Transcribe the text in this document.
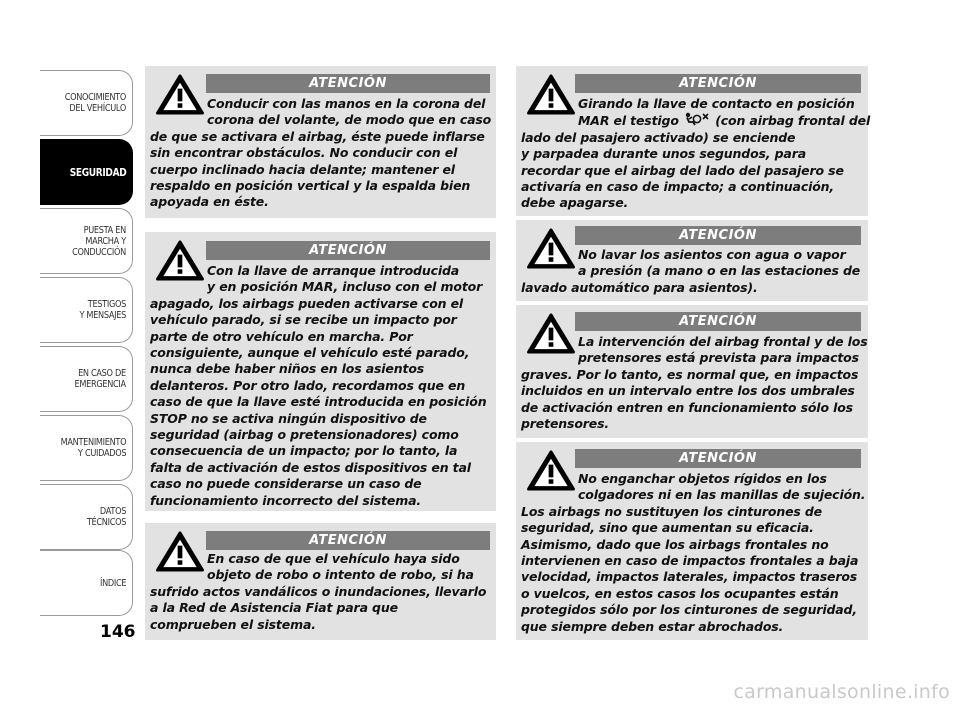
CONOCIMIENTO
DEL VEHÍCULO
SEGURIDAD
PUESTA EN
MARCHA Y
CONDUCCIÓN
TESTIGOS
Y MENSAJES
EN CASO DE
EMERGENCIA
MANTENIMIENTO
Y CUIDADOS
DATOS
TÉCNICOS
ÍNDICE
146
ATENCIÓN
Conducir con las manos en la corona del
corona del volante, de modo que en caso
de que se activara el airbag, éste puede inflarse
sin encontrar obstáculos. No conducir con el
cuerpo inclinado hacia delante; mantener el
respaldo en posición vertical y la espalda bien
apoyada en éste.
ATENCIÓN
Con la llave de arranque introducida
y en posición MAR, incluso con el motor
apagado, los airbags pueden activarse con el
vehículo parado, si se recibe un impacto por
parte de otro vehículo en marcha. Por
consiguiente, aunque el vehículo esté parado,
nunca debe haber niños en los asientos
delanteros. Por otro lado, recordamos que en
caso de que la llave esté introducida en posición
STOP no se activa ningún dispositivo de
seguridad (airbag o pretensionadores) como
consecuencia de un impacto; por lo tanto, la
falta de activación de estos dispositivos en tal
caso no puede considerarse un caso de
funcionamiento incorrecto del sistema.
ATENCIÓN
En caso de que el vehículo haya sido
objeto de robo o intento de robo, si ha
sufrido actos vandálicos o inundaciones, llevarlo
a la Red de Asistencia Fiat para que
comprueben el sistema.
ATENCIÓN
Girando la llave de contacto en posición
MAR el testigo	(con airbag frontal del
lado del pasajero activado) se enciende
y parpadea durante unos segundos, para
recordar que el airbag del lado del pasajero se
activaría en caso de impacto; a continuación,
debe apagarse.
ATENCIÓN
No lavar los asientos con agua o vapor
a presión (a mano o en las estaciones de
lavado automático para asientos).
ATENCIÓN
La intervención del airbag frontal y de los
pretensores está prevista para impactos
graves. Por lo tanto, es normal que, en impactos
incluidos en un intervalo entre los dos umbrales
de activación entren en funcionamiento sólo los
pretensores.
ATENCIÓN
No enganchar objetos rígidos en los
colgadores ni en las manillas de sujeción.
Los airbags no sustituyen los cinturones de
seguridad, sino que aumentan su eficacia.
Asimismo, dado que los airbags frontales no
intervienen en caso de impactos frontales a baja
velocidad, impactos laterales, impactos traseros
o vuelcos, en estos casos los ocupantes están
protegidos sólo por los cinturones de seguridad,
que siempre deben estar abrochados.
carmanualsonline.info
